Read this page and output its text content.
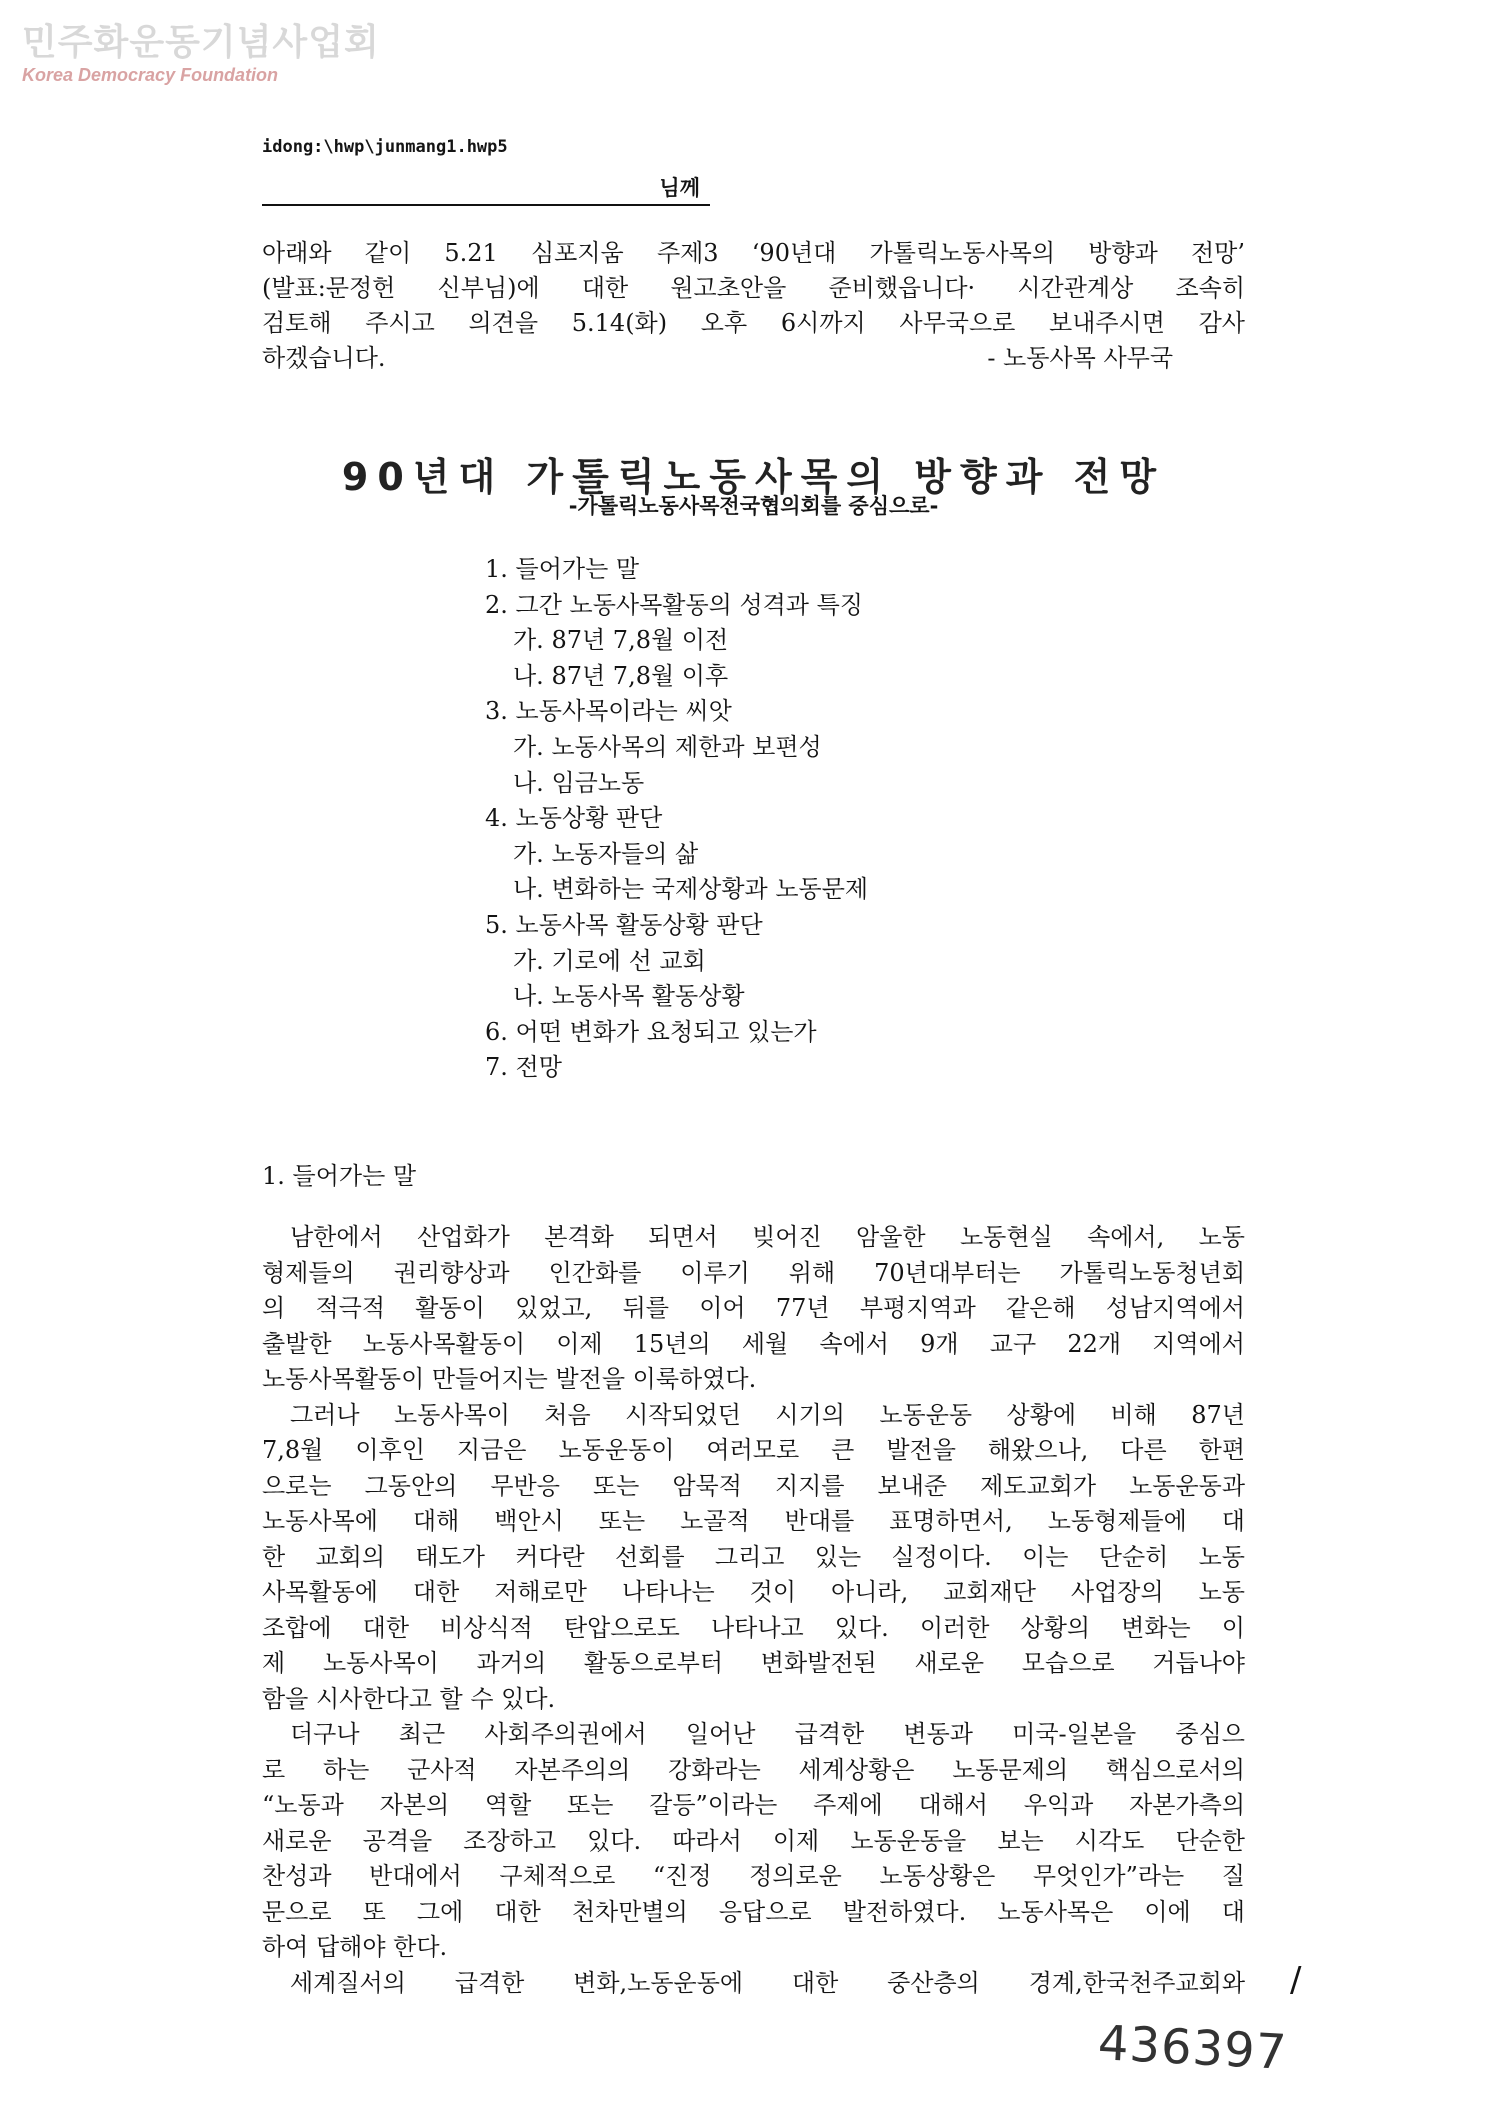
민주화운동기념사업회
Korea Democracy Foundation
idong:\hwp\junmang1.hwp5
님께

아래와 같이 5.21 심포지움 주제3 ‘90년대 가톨릭노동사목의 방향과 전망’

(발표:문정헌 신부님)에 대한 원고초안을 준비했읍니다· 시간관계상 조속히

검토해 주시고 의견을 5.14(화) 오후 6시까지 사무국으로 보내주시면 감사

하겠습니다.	- 노동사목 사무국

90년대 가톨릭노동사목의 방향과 전망
-가톨릭노동사목전국협의회를 중심으로-
1. 들어가는 말
2. 그간 노동사목활동의 성격과 특징
가. 87년 7,8월 이전
나. 87년 7,8월 이후
3. 노동사목이라는 씨앗
가. 노동사목의 제한과 보편성
나. 임금노동
4. 노동상황 판단
가. 노동자들의 삶
나. 변화하는 국제상황과 노동문제
5. 노동사목 활동상황 판단
가. 기로에 선 교회
나. 노동사목 활동상황
6. 어떤 변화가 요청되고 있는가
7. 전망
1. 들어가는 말

남한에서 산업화가 본격화 되면서 빚어진 암울한 노동현실 속에서, 노동

형제들의 권리향상과 인간화를 이루기 위해 70년대부터는 가톨릭노동청년회

의 적극적 활동이 있었고, 뒤를 이어 77년 부평지역과 같은해 성남지역에서

출발한 노동사목활동이 이제 15년의 세월 속에서 9개 교구 22개 지역에서

노동사목활동이 만들어지는 발전을 이룩하였다.

그러나 노동사목이 처음 시작되었던 시기의 노동운동 상황에 비해 87년

7,8월 이후인 지금은 노동운동이 여러모로 큰 발전을 해왔으나, 다른 한편

으로는 그동안의 무반응 또는 암묵적 지지를 보내준 제도교회가 노동운동과

노동사목에 대해 백안시 또는 노골적 반대를 표명하면서, 노동형제들에 대

한 교회의 태도가 커다란 선회를 그리고 있는 실정이다. 이는 단순히 노동

사목활동에 대한 저해로만 나타나는 것이 아니라, 교회재단 사업장의 노동

조합에 대한 비상식적 탄압으로도 나타나고 있다. 이러한 상황의 변화는 이

제 노동사목이 과거의 활동으로부터 변화발전된 새로운 모습으로 거듭나야

함을 시사한다고 할 수 있다.

더구나 최근 사회주의권에서 일어난 급격한 변동과 미국-일본을 중심으

로 하는 군사적 자본주의의 강화라는 세계상황은 노동문제의 핵심으로서의

“노동과 자본의 역할 또는 갈등”이라는 주제에 대해서 우익과 자본가측의

새로운 공격을 조장하고 있다. 따라서 이제 노동운동을 보는 시각도 단순한

찬성과 반대에서 구체적으로 “진정 정의로운 노동상황은 무엇인가”라는 질

문으로 또 그에 대한 천차만별의 응답으로 발전하였다. 노동사목은 이에 대

하여 답해야 한다.

세계질서의 급격한 변화,노동운동에 대한 중산층의 경계,한국천주교회와 /
436397
